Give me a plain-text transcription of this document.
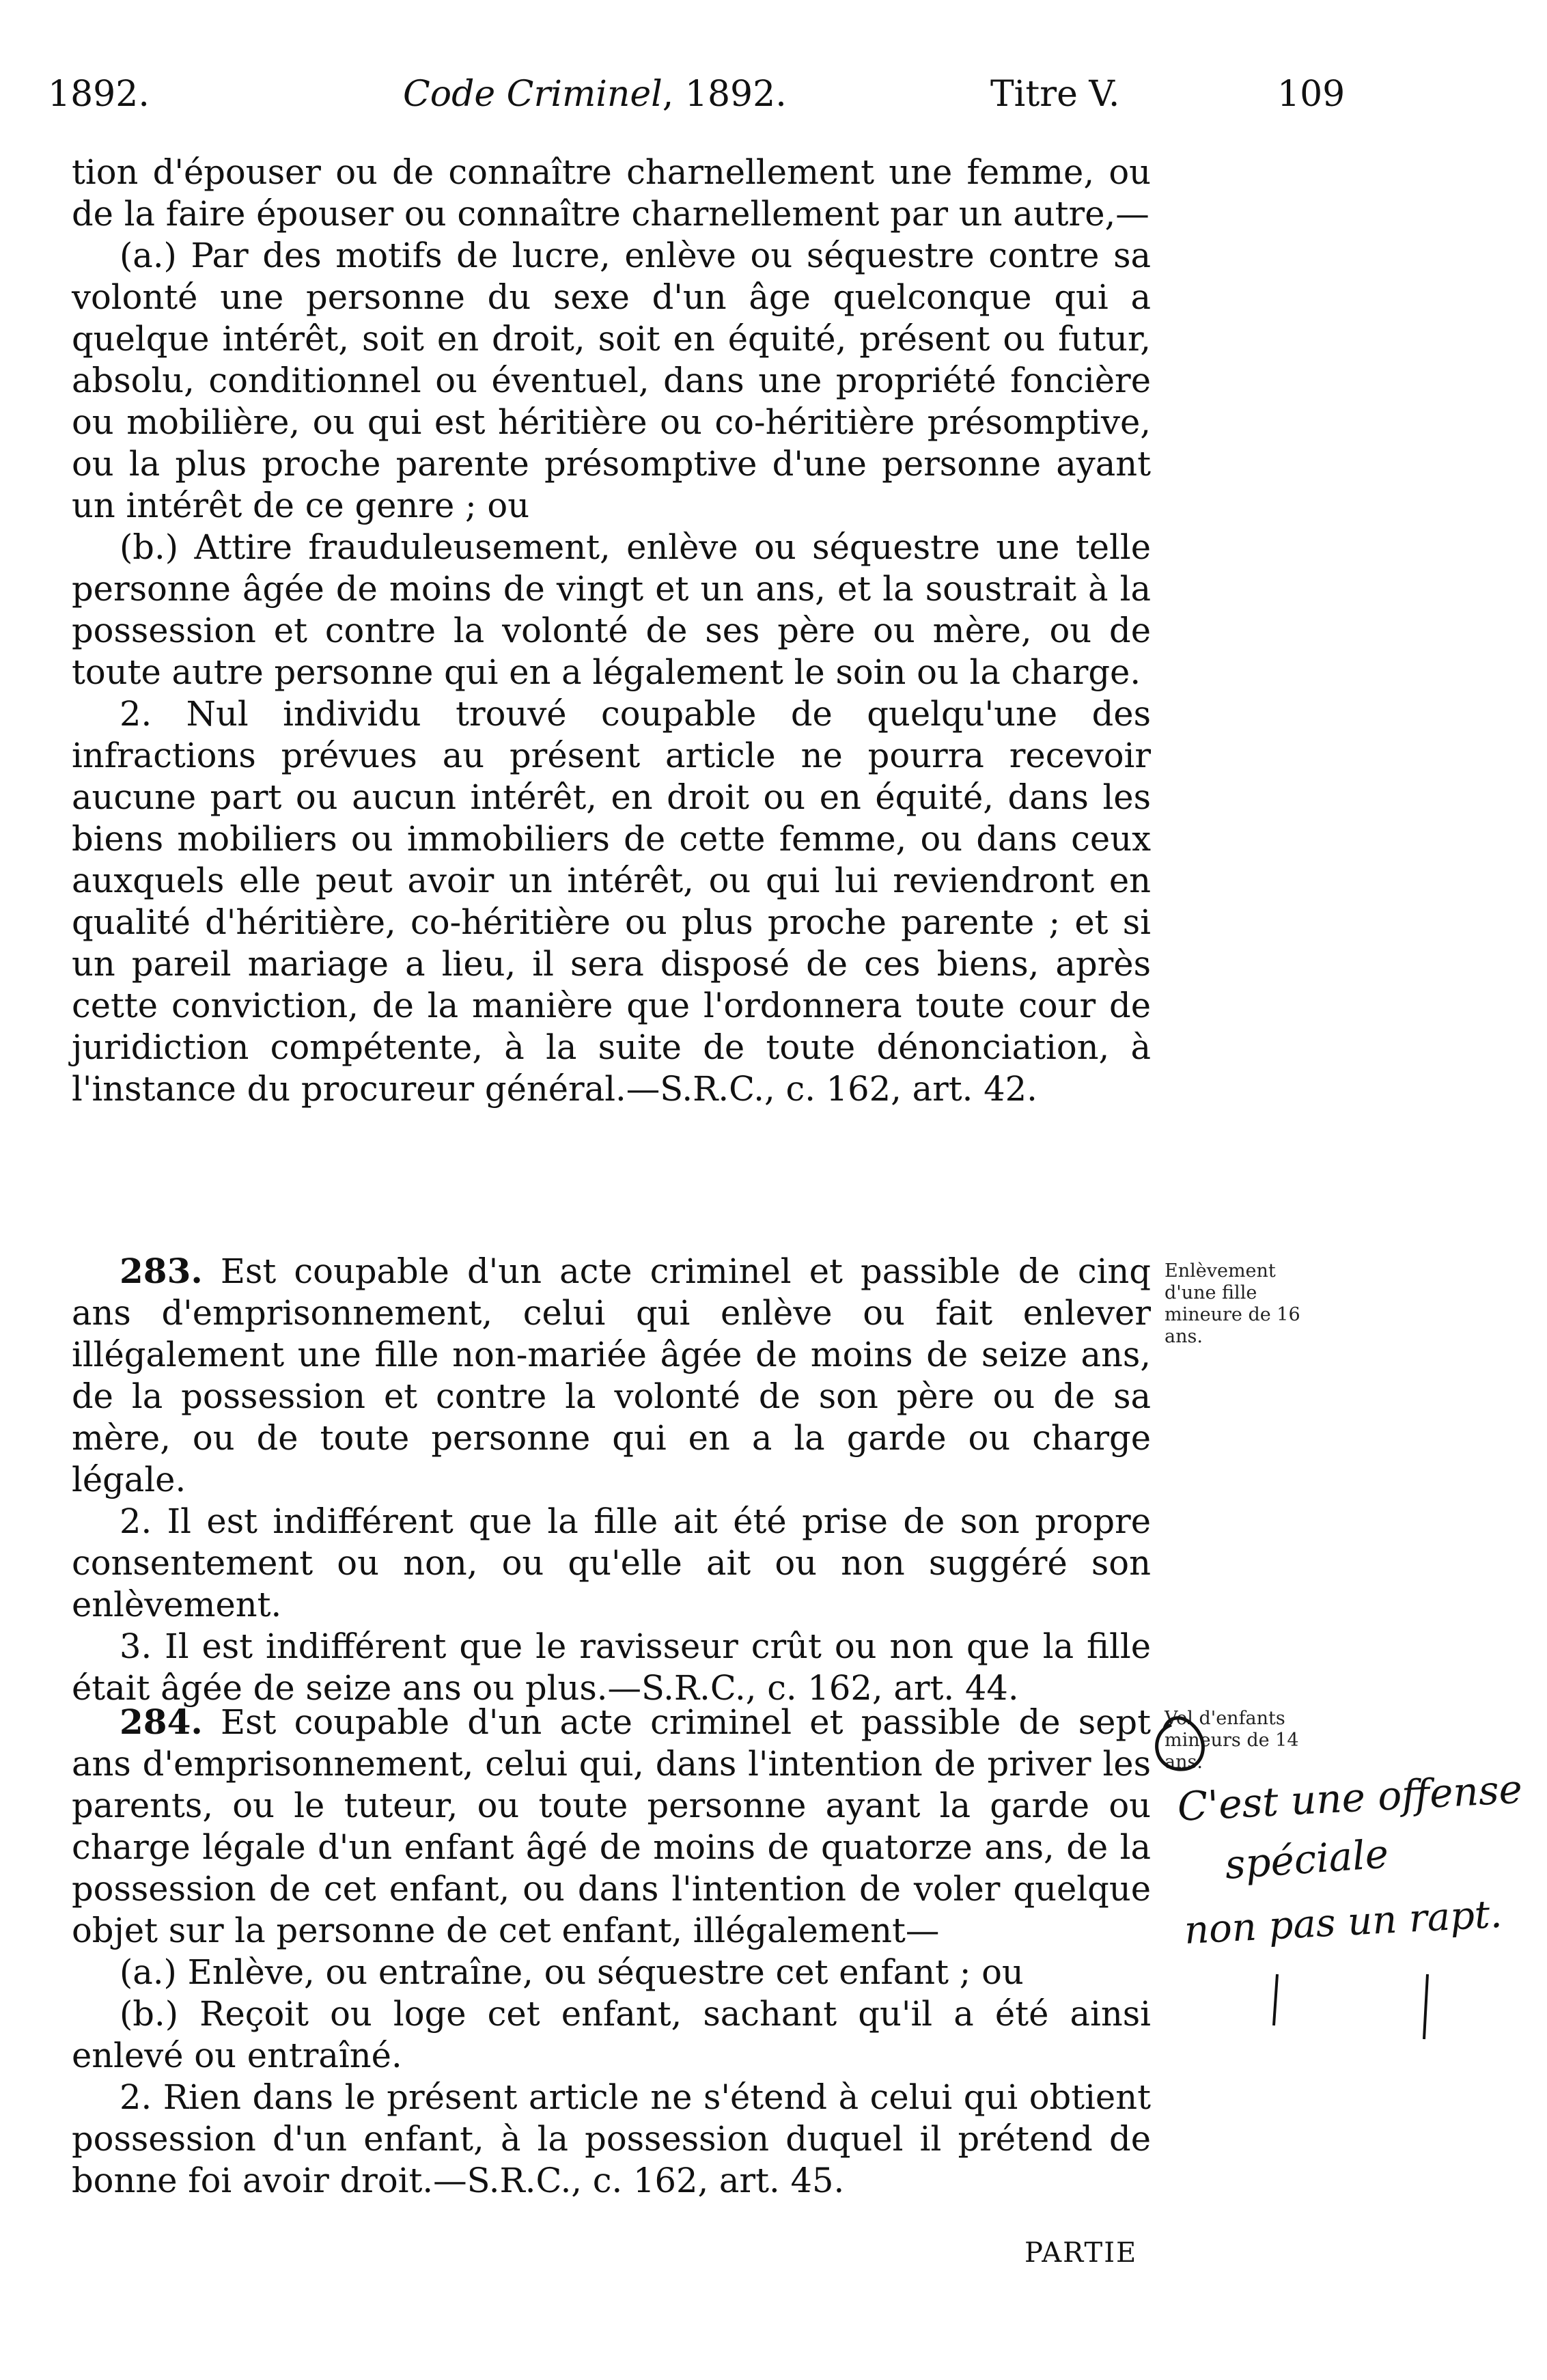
1892.	Code Criminel, 1892.	Titre V.	109

tion d'épouser ou de connaître charnellement une femme, ou de la faire épouser ou connaître charnellement par un autre,—

(a.) Par des motifs de lucre, enlève ou séquestre contre sa volonté une personne du sexe d'un âge quelconque qui a quelque intérêt, soit en droit, soit en équité, présent ou futur, absolu, conditionnel ou éventuel, dans une propriété foncière ou mobilière, ou qui est héritière ou co-héritière présomptive, ou la plus proche parente présomptive d'une personne ayant un intérêt de ce genre ; ou

(b.) Attire frauduleusement, enlève ou séquestre une telle personne âgée de moins de vingt et un ans, et la soustrait à la possession et contre la volonté de ses père ou mère, ou de toute autre personne qui en a légalement le soin ou la charge.

2. Nul individu trouvé coupable de quelqu'une des infractions prévues au présent article ne pourra recevoir aucune part ou aucun intérêt, en droit ou en équité, dans les biens mobiliers ou immobiliers de cette femme, ou dans ceux auxquels elle peut avoir un intérêt, ou qui lui reviendront en qualité d'héritière, co-héritière ou plus proche parente ; et si un pareil mariage a lieu, il sera disposé de ces biens, après cette conviction, de la manière que l'ordonnera toute cour de juridiction compétente, à la suite de toute dénonciation, à l'instance du procureur général.—S.R.C., c. 162, art. 42.

283. Est coupable d'un acte criminel et passible de cinq ans d'emprisonnement, celui qui enlève ou fait enlever illégalement une fille non-mariée âgée de moins de seize ans, de la possession et contre la volonté de son père ou de sa mère, ou de toute personne qui en a la garde ou charge légale.

2. Il est indifférent que la fille ait été prise de son propre consentement ou non, ou qu'elle ait ou non suggéré son enlèvement.

3. Il est indifférent que le ravisseur crût ou non que la fille était âgée de seize ans ou plus.—S.R.C., c. 162, art. 44.

Enlèvement d'une fille mineure de 16 ans.

284. Est coupable d'un acte criminel et passible de sept ans d'emprisonnement, celui qui, dans l'intention de priver les parents, ou le tuteur, ou toute personne ayant la garde ou charge légale d'un enfant âgé de moins de quatorze ans, de la possession de cet enfant, ou dans l'intention de voler quelque objet sur la personne de cet enfant, illégalement—

(a.) Enlève, ou entraîne, ou séquestre cet enfant ; ou

(b.) Reçoit ou loge cet enfant, sachant qu'il a été ainsi enlevé ou entraîné.

2. Rien dans le présent article ne s'étend à celui qui obtient possession d'un enfant, à la possession duquel il prétend de bonne foi avoir droit.—S.R.C., c. 162, art. 45.

Vol d'enfants mineurs de 14 ans.
C'est une offense
spéciale
non pas un rapt.
PARTIE
